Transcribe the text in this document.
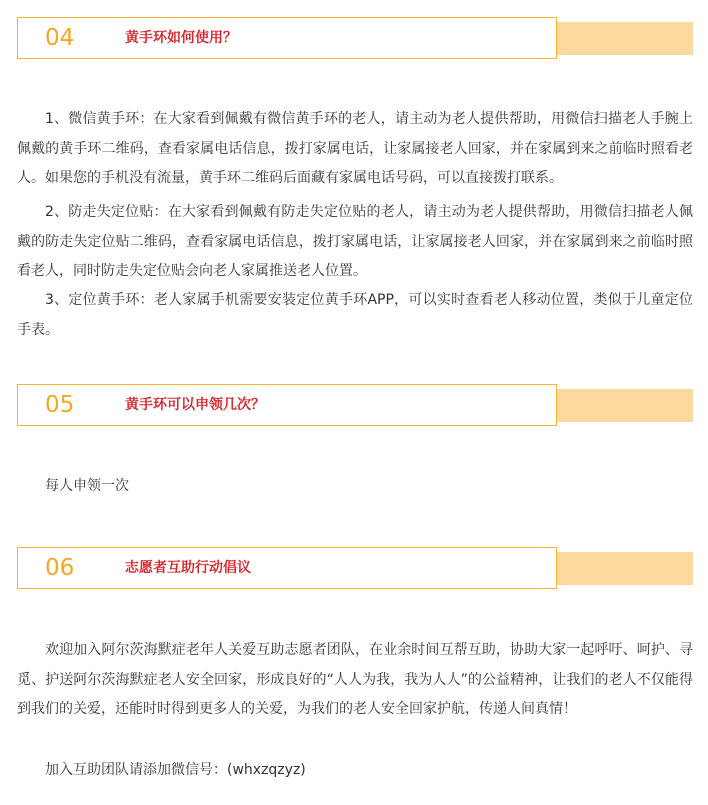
04	黄手环如何使用？

1、微信黄手环：在大家看到佩戴有微信黄手环的老人，请主动为老人提供帮助，用微信扫描老人手腕上佩戴的黄手环二维码，查看家属电话信息，拨打家属电话，让家属接老人回家，并在家属到来之前临时照看老人。如果您的手机没有流量，黄手环二维码后面藏有家属电话号码，可以直接拨打联系。

2、防走失定位贴：在大家看到佩戴有防走失定位贴的老人，请主动为老人提供帮助，用微信扫描老人佩戴的防走失定位贴二维码，查看家属电话信息，拨打家属电话，让家属接老人回家，并在家属到来之前临时照看老人，同时防走失定位贴会向老人家属推送老人位置。

3、定位黄手环：老人家属手机需要安装定位黄手环APP，可以实时查看老人移动位置，类似于儿童定位手表。

05	黄手环可以申领几次？

每人申领一次

06	志愿者互助行动倡议

欢迎加入阿尔茨海默症老年人关爱互助志愿者团队，在业余时间互帮互助，协助大家一起呼吁、呵护、寻觅、护送阿尔茨海默症老人安全回家，形成良好的“人人为我，我为人人”的公益精神，让我们的老人不仅能得到我们的关爱，还能时时得到更多人的关爱，为我们的老人安全回家护航，传递人间真情！

加入互助团队请添加微信号：(whxzqzyz)
